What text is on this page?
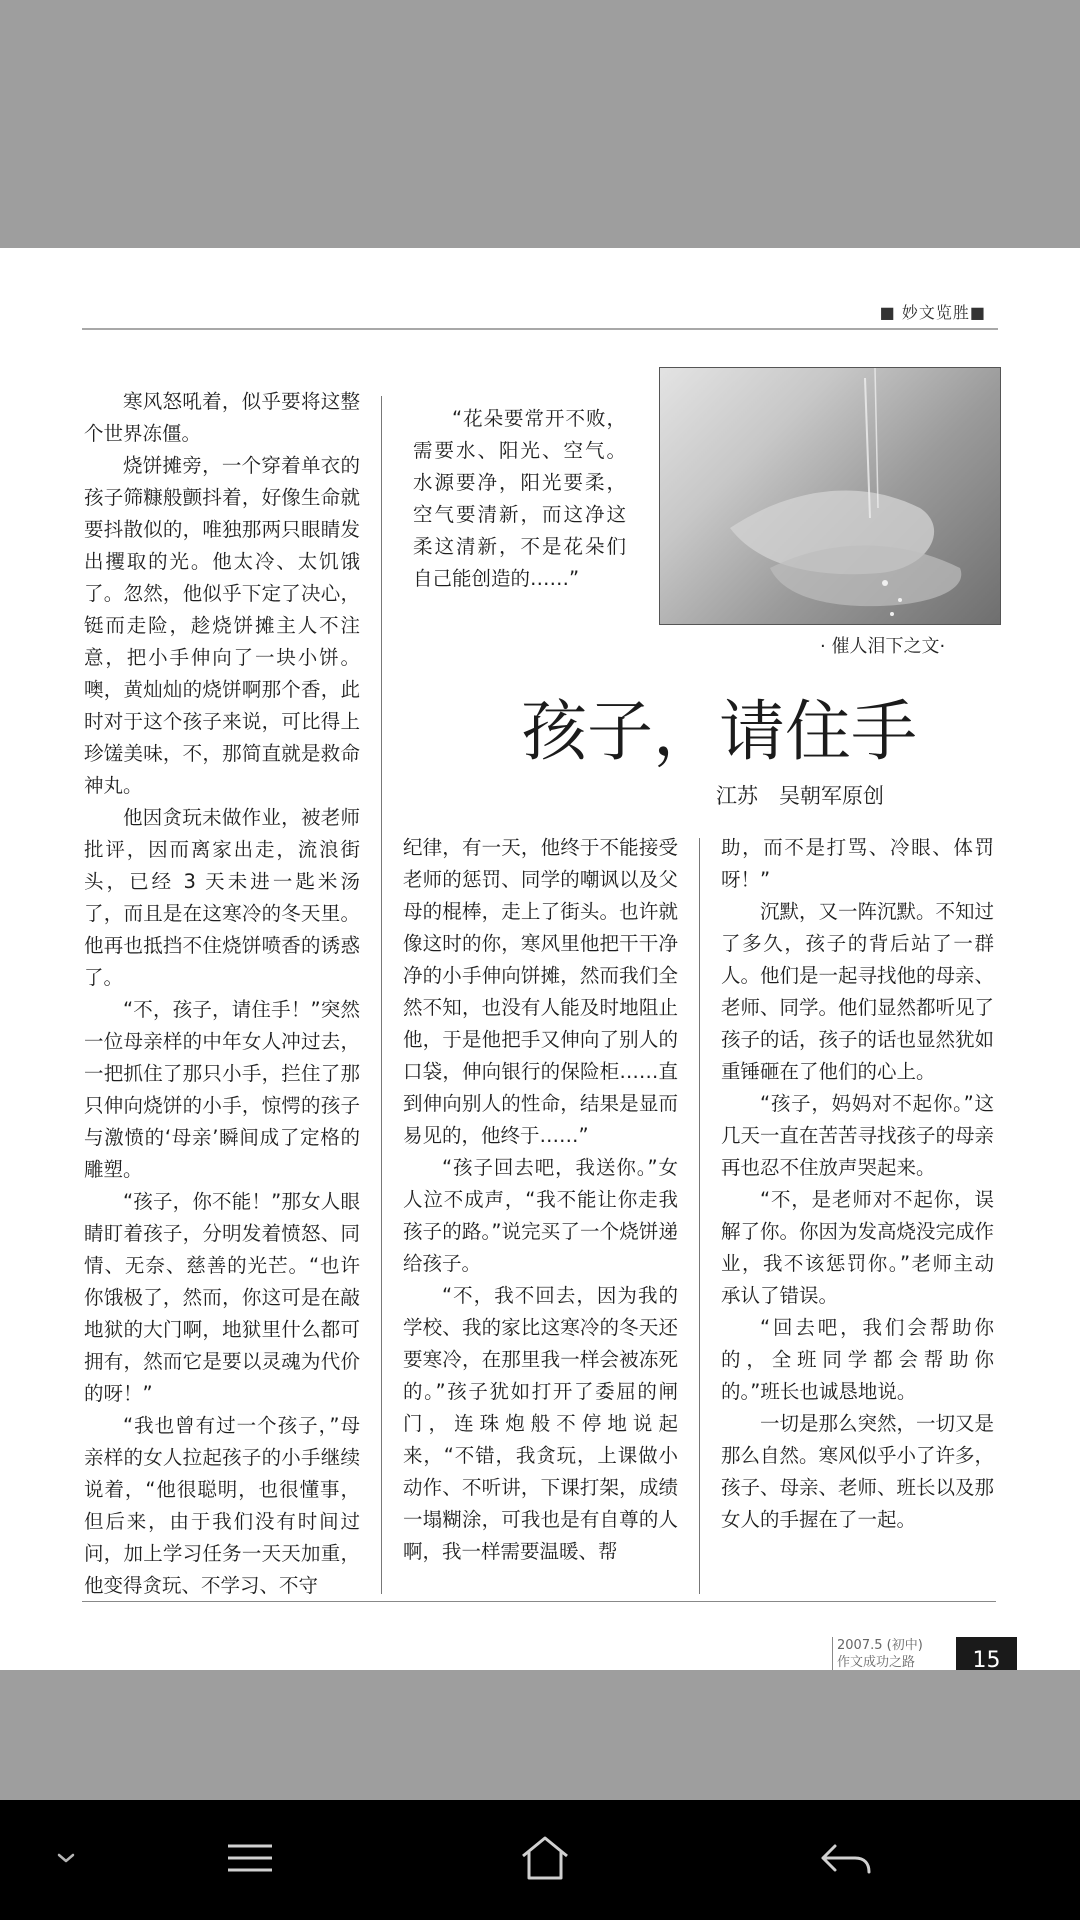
■ 妙文览胜■

寒风怒吼着，似乎要将这整个世界冻僵。

烧饼摊旁，一个穿着单衣的孩子筛糠般颤抖着，好像生命就要抖散似的，唯独那两只眼睛发出攫取的光。他太冷、太饥饿了。忽然，他似乎下定了决心，铤而走险，趁烧饼摊主人不注意，把小手伸向了一块小饼。噢，黄灿灿的烧饼啊那个香，此时对于这个孩子来说，可比得上珍馐美味，不，那简直就是救命神丸。

他因贪玩未做作业，被老师批评，因而离家出走，流浪街头，已经 3 天未进一匙米汤了，而且是在这寒冷的冬天里。他再也抵挡不住烧饼喷香的诱惑了。

“不，孩子，请住手！”突然一位母亲样的中年女人冲过去，一把抓住了那只小手，拦住了那只伸向烧饼的小手，惊愕的孩子与激愤的‘母亲’瞬间成了定格的雕塑。

“孩子，你不能！”那女人眼睛盯着孩子，分明发着愤怒、同情、无奈、慈善的光芒。“也许你饿极了，然而，你这可是在敲地狱的大门啊，地狱里什么都可拥有，然而它是要以灵魂为代价的呀！”

“我也曾有过一个孩子，”母亲样的女人拉起孩子的小手继续说着，“他很聪明，也很懂事，但后来，由于我们没有时间过问，加上学习任务一天天加重，他变得贪玩、不学习、不守

“花朵要常开不败，需要水、阳光、空气。水源要净，阳光要柔，空气要清新，而这净这柔这清新，不是花朵们自己能创造的……”

· 催人泪下之文·
孩子，请住手
江苏　吴朝军原创

纪律，有一天，他终于不能接受老师的惩罚、同学的嘲讽以及父母的棍棒，走上了街头。也许就像这时的你，寒风里他把干干净净的小手伸向饼摊，然而我们全然不知，也没有人能及时地阻止他，于是他把手又伸向了别人的口袋，伸向银行的保险柜……直到伸向别人的性命，结果是显而易见的，他终于……”

“孩子回去吧，我送你。”女人泣不成声，“我不能让你走我孩子的路。”说完买了一个烧饼递给孩子。

“不，我不回去，因为我的学校、我的家比这寒冷的冬天还要寒冷，在那里我一样会被冻死的。”孩子犹如打开了委屈的闸门，连珠炮般不停地说起来，“不错，我贪玩，上课做小动作、不听讲，下课打架，成绩一塌糊涂，可我也是有自尊的人啊，我一样需要温暖、帮

助，而不是打骂、冷眼、体罚呀！”

沉默，又一阵沉默。不知过了多久，孩子的背后站了一群人。他们是一起寻找他的母亲、老师、同学。他们显然都听见了孩子的话，孩子的话也显然犹如重锤砸在了他们的心上。

“孩子，妈妈对不起你。”这几天一直在苦苦寻找孩子的母亲再也忍不住放声哭起来。

“不，是老师对不起你，误解了你。你因为发高烧没完成作业，我不该惩罚你。”老师主动承认了错误。

“回去吧，我们会帮助你的，全班同学都会帮助你的。”班长也诚恳地说。

一切是那么突然，一切又是那么自然。寒风似乎小了许多，孩子、母亲、老师、班长以及那女人的手握在了一起。

2007.5 (初中)
作文成功之路	15
